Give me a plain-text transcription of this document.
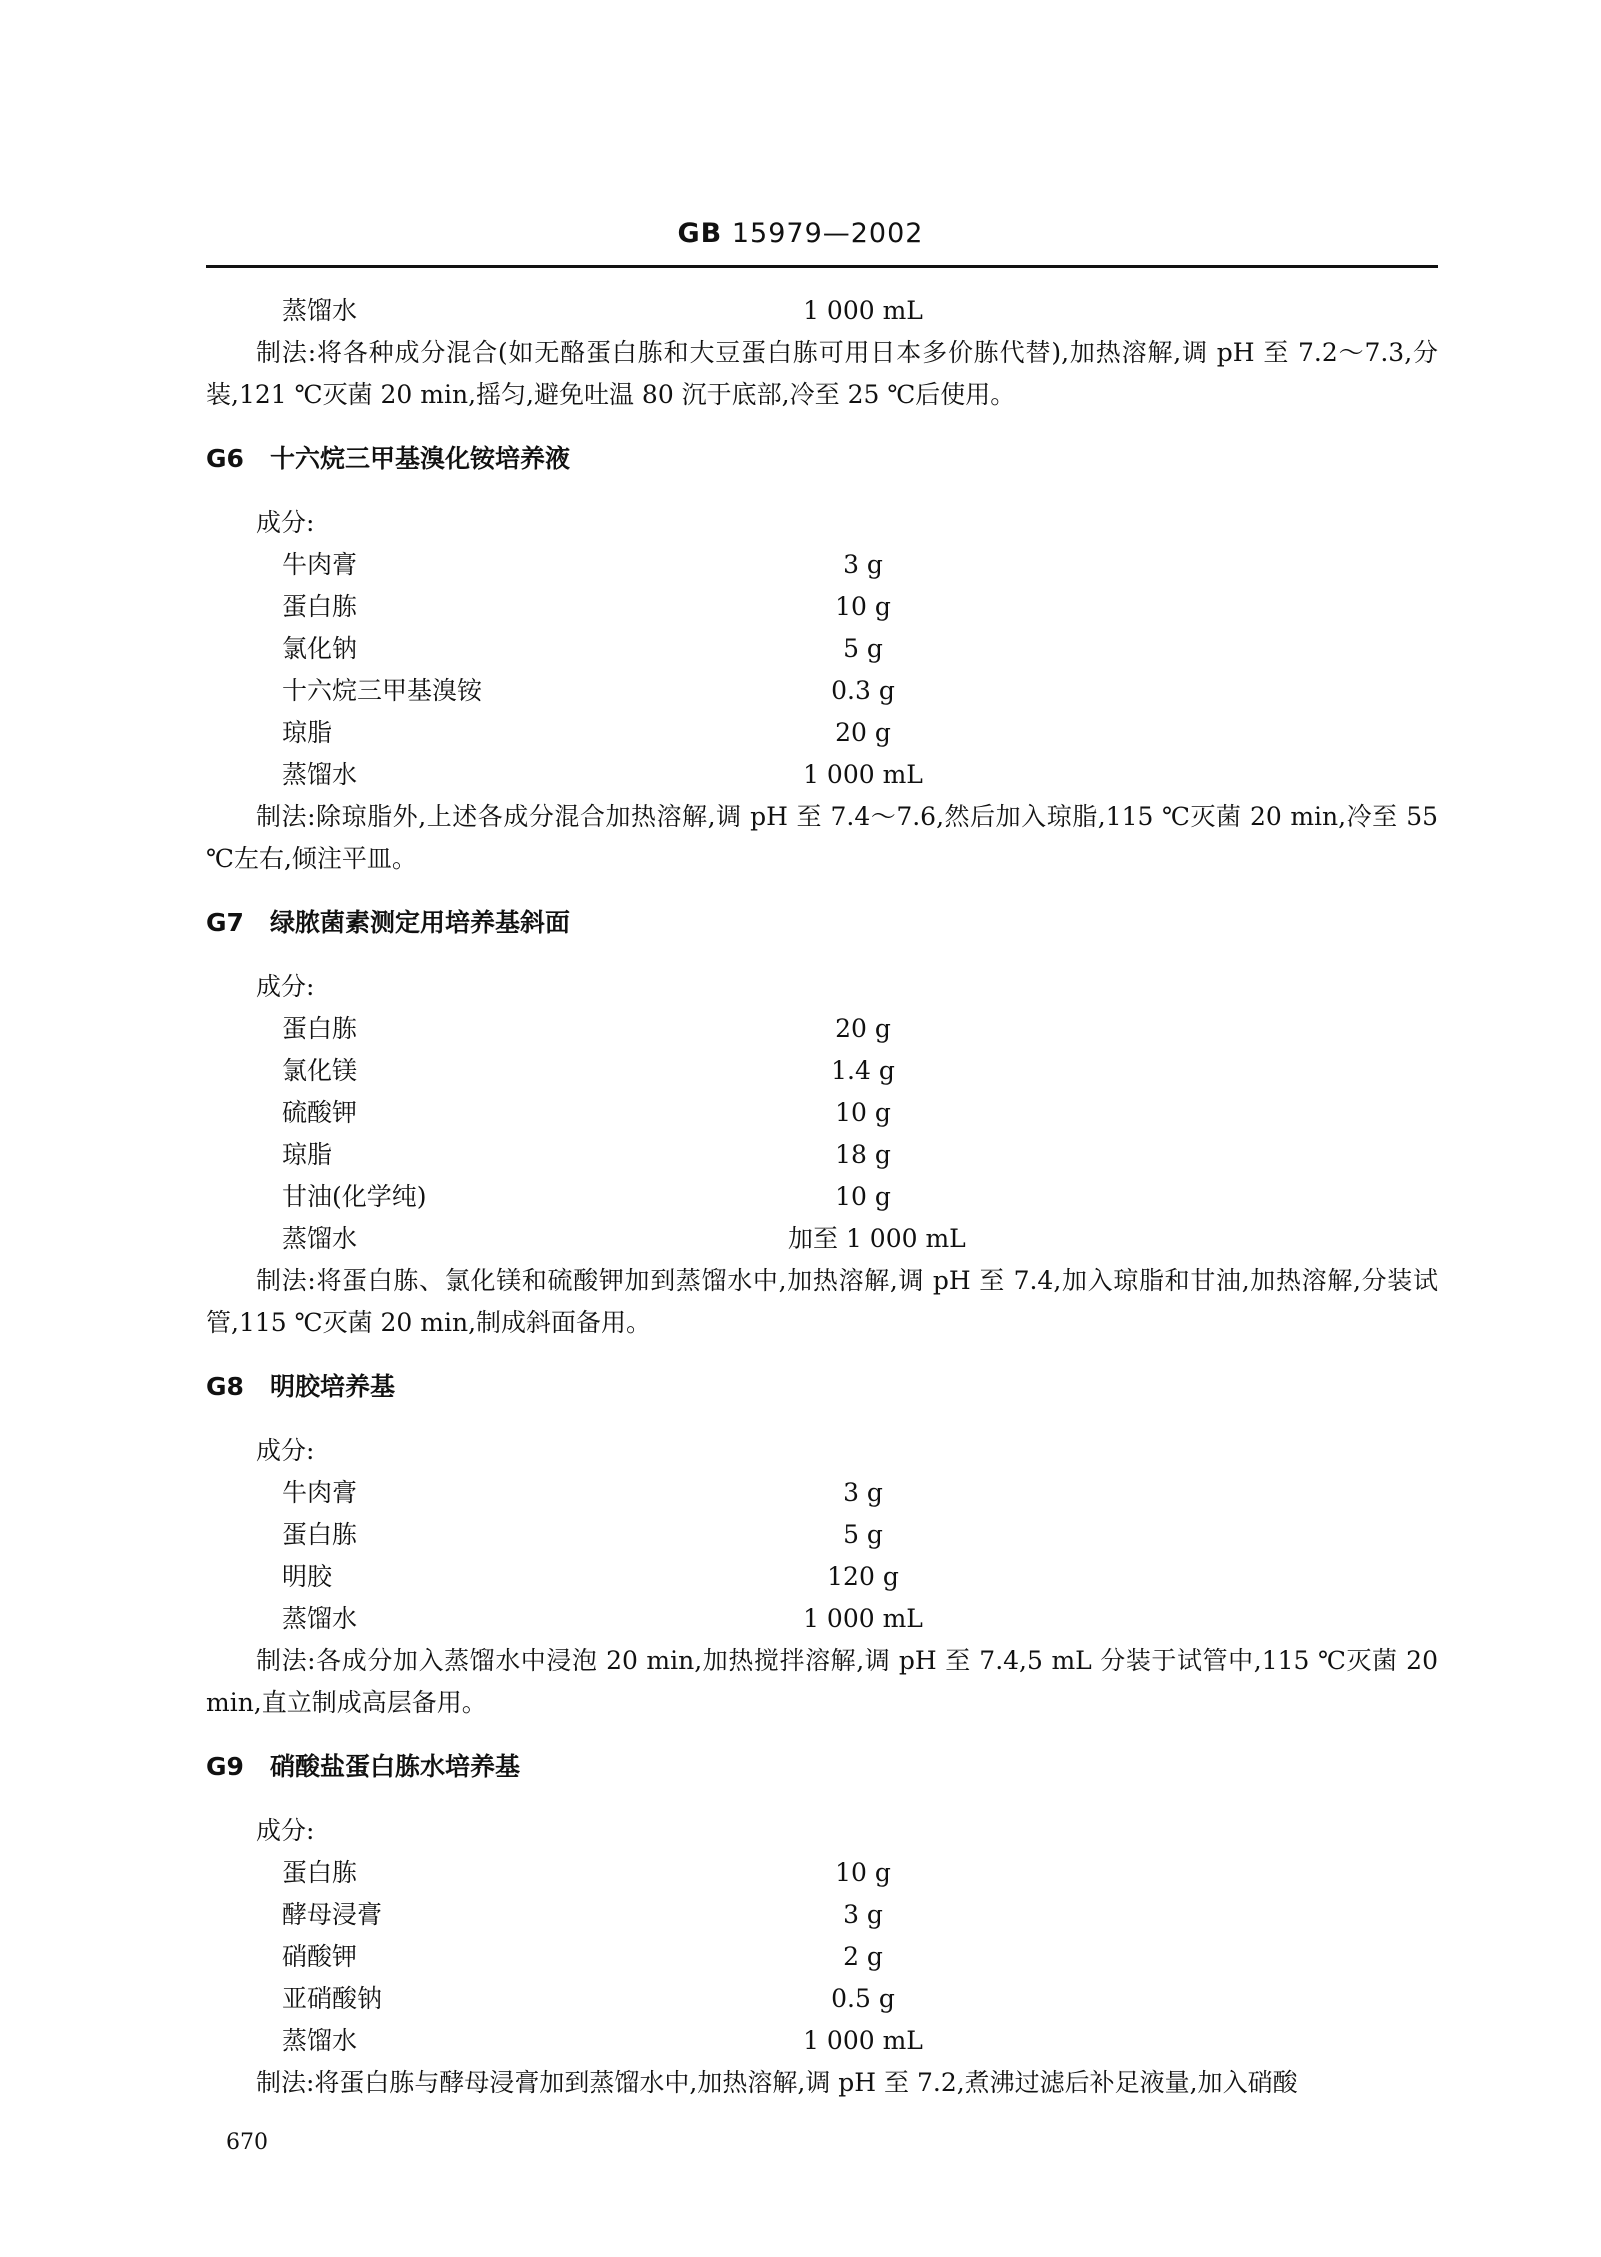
GB 15979—2002
蒸馏水	1 000 mL

制法:将各种成分混合(如无酪蛋白胨和大豆蛋白胨可用日本多价胨代替),加热溶解,调 pH 至 7.2～7.3,分装,121 ℃灭菌 20 min,摇匀,避免吐温 80 沉于底部,冷至 25 ℃后使用。

G6 十六烷三甲基溴化铵培养液
成分:
牛肉膏	3 g
蛋白胨	10 g
氯化钠	5 g
十六烷三甲基溴铵	0.3 g
琼脂	20 g
蒸馏水	1 000 mL

制法:除琼脂外,上述各成分混合加热溶解,调 pH 至 7.4～7.6,然后加入琼脂,115 ℃灭菌 20 min,冷至 55 ℃左右,倾注平皿。

G7 绿脓菌素测定用培养基斜面
成分:
蛋白胨	20 g
氯化镁	1.4 g
硫酸钾	10 g
琼脂	18 g
甘油(化学纯)	10 g
蒸馏水	加至 1 000 mL

制法:将蛋白胨、氯化镁和硫酸钾加到蒸馏水中,加热溶解,调 pH 至 7.4,加入琼脂和甘油,加热溶解,分装试管,115 ℃灭菌 20 min,制成斜面备用。

G8 明胶培养基
成分:
牛肉膏	3 g
蛋白胨	5 g
明胶	120 g
蒸馏水	1 000 mL

制法:各成分加入蒸馏水中浸泡 20 min,加热搅拌溶解,调 pH 至 7.4,5 mL 分装于试管中,115 ℃灭菌 20 min,直立制成高层备用。

G9 硝酸盐蛋白胨水培养基
成分:
蛋白胨	10 g
酵母浸膏	3 g
硝酸钾	2 g
亚硝酸钠	0.5 g
蒸馏水	1 000 mL

制法:将蛋白胨与酵母浸膏加到蒸馏水中,加热溶解,调 pH 至 7.2,煮沸过滤后补足液量,加入硝酸

670
